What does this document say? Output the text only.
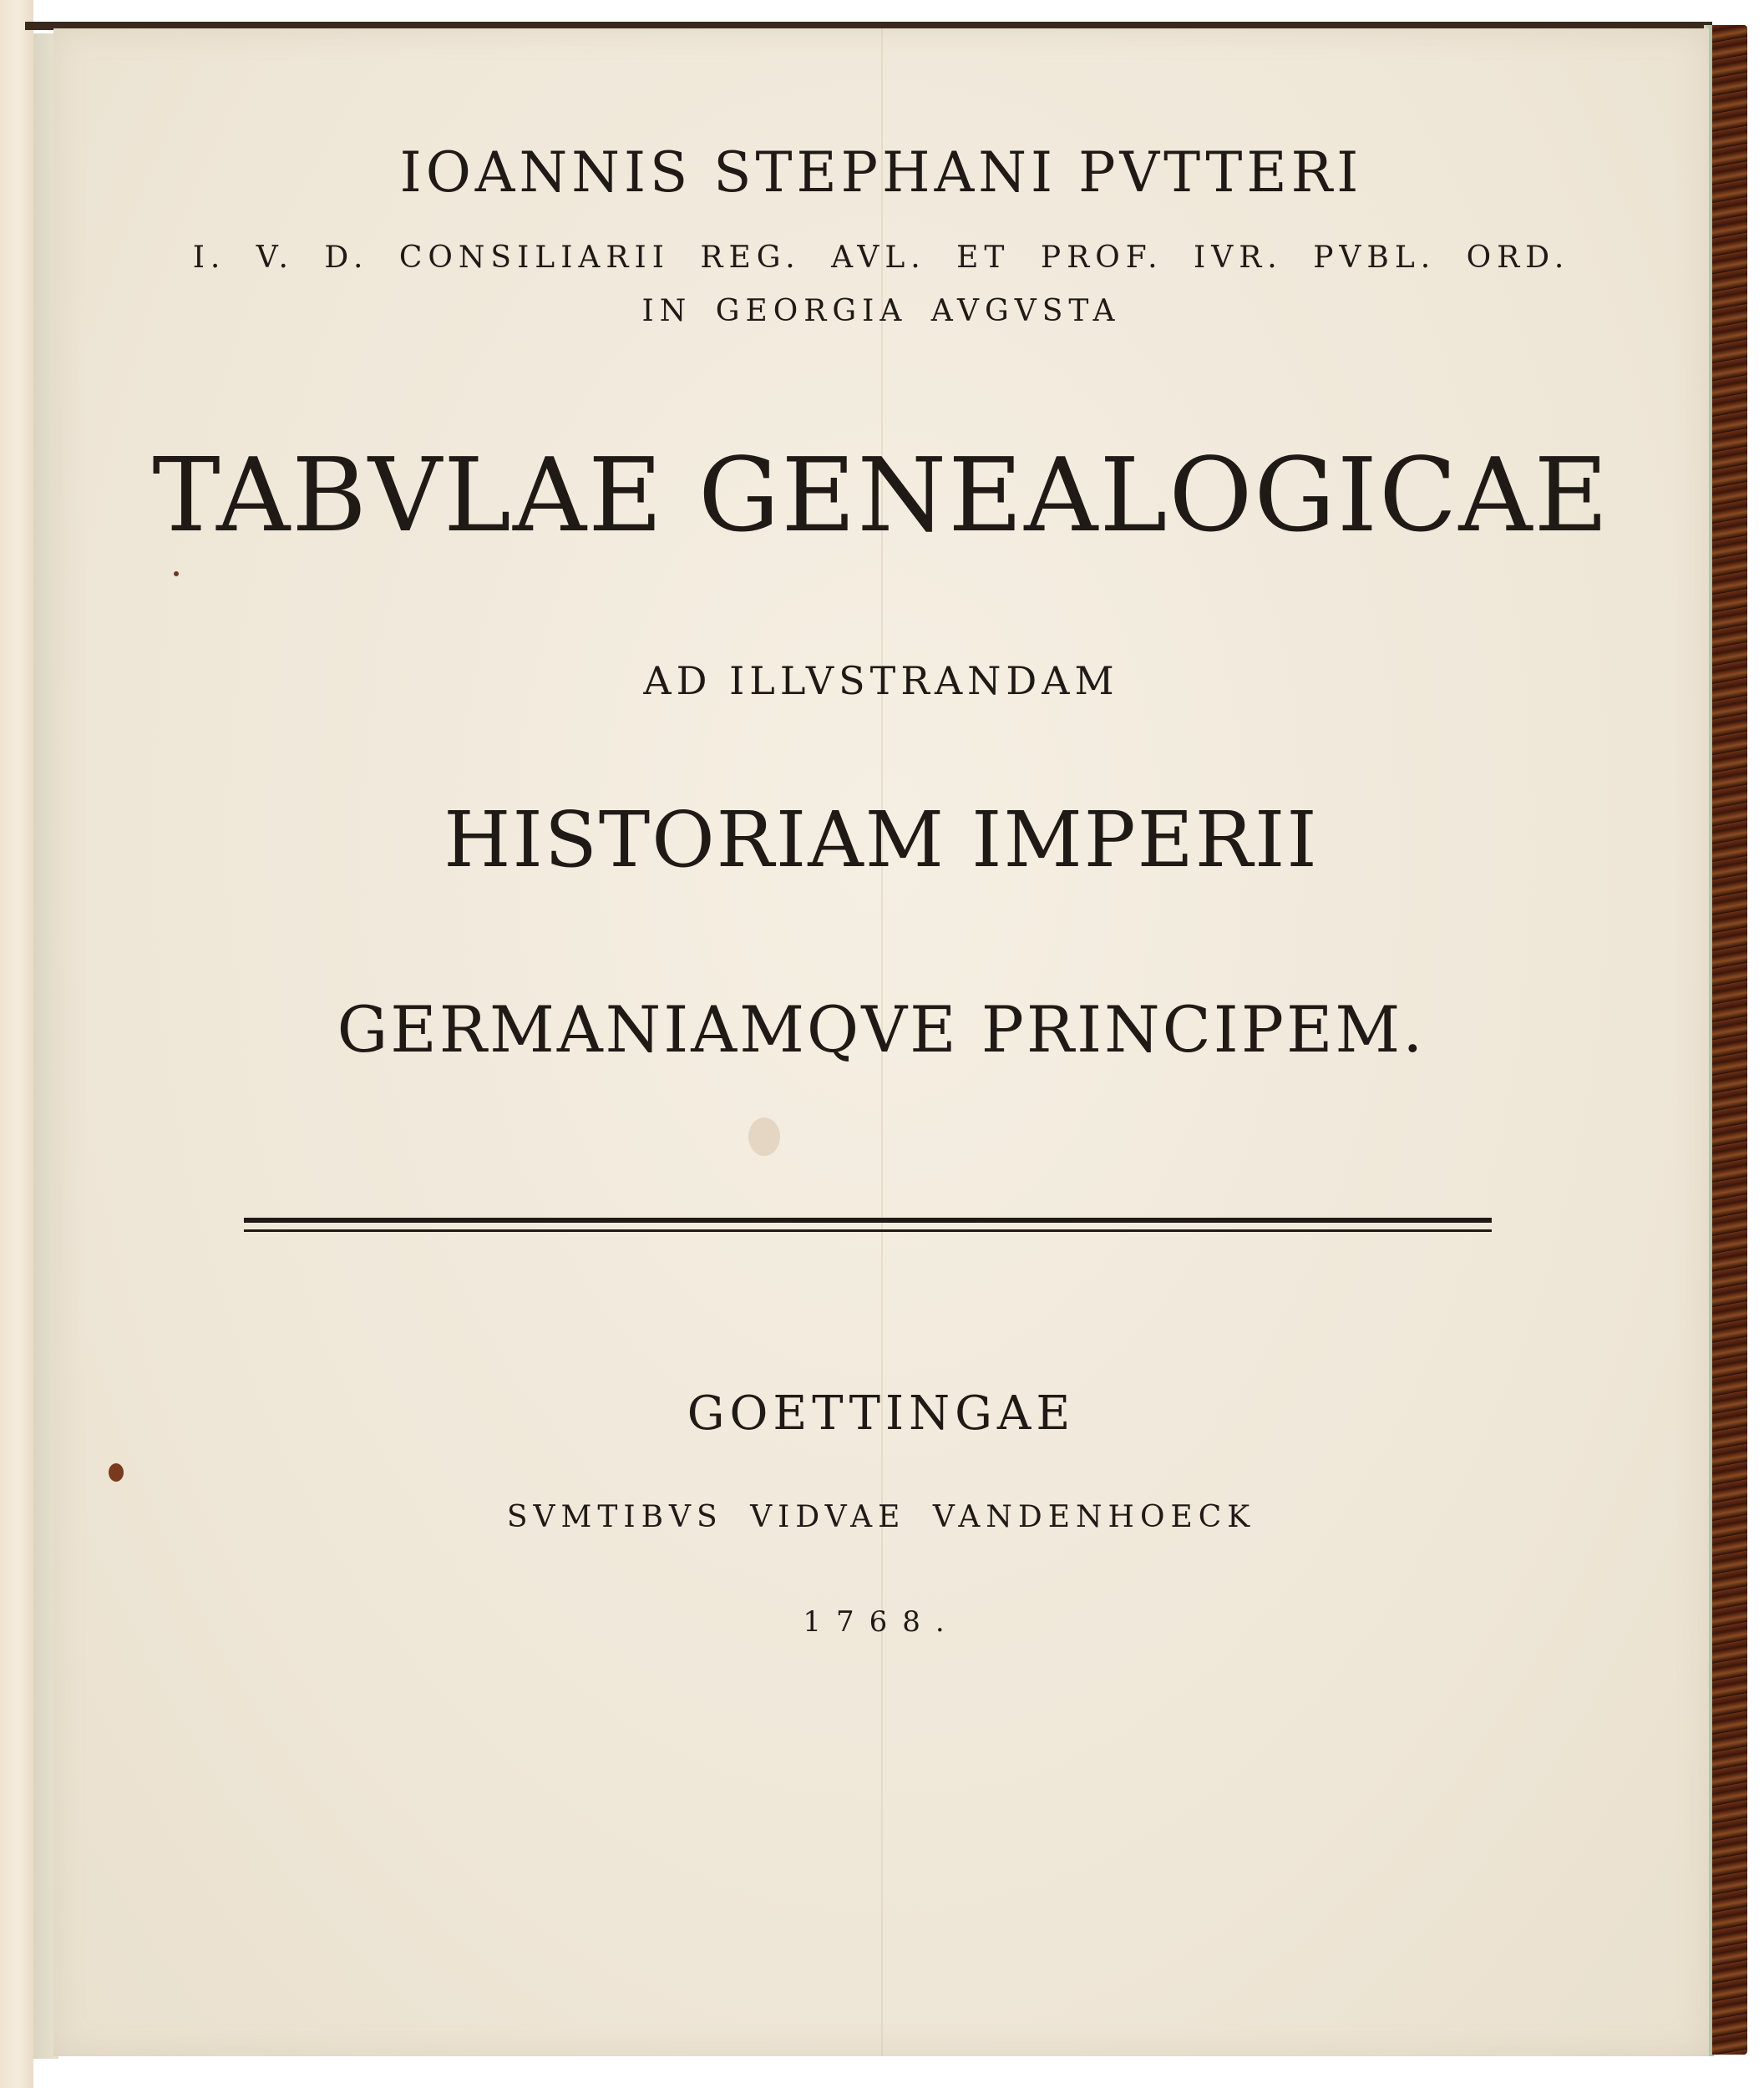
IOANNIS STEPHANI PVTTERI
I. V. D. CONSILIARII REG. AVL. ET PROF. IVR. PVBL. ORD.
IN GEORGIA AVGVSTA
TABVLAE GENEALOGICAE
AD ILLVSTRANDAM
HISTORIAM IMPERII
GERMANIAMQVE PRINCIPEM.
GOETTINGAE
SVMTIBVS VIDVAE VANDENHOECK
1768.
